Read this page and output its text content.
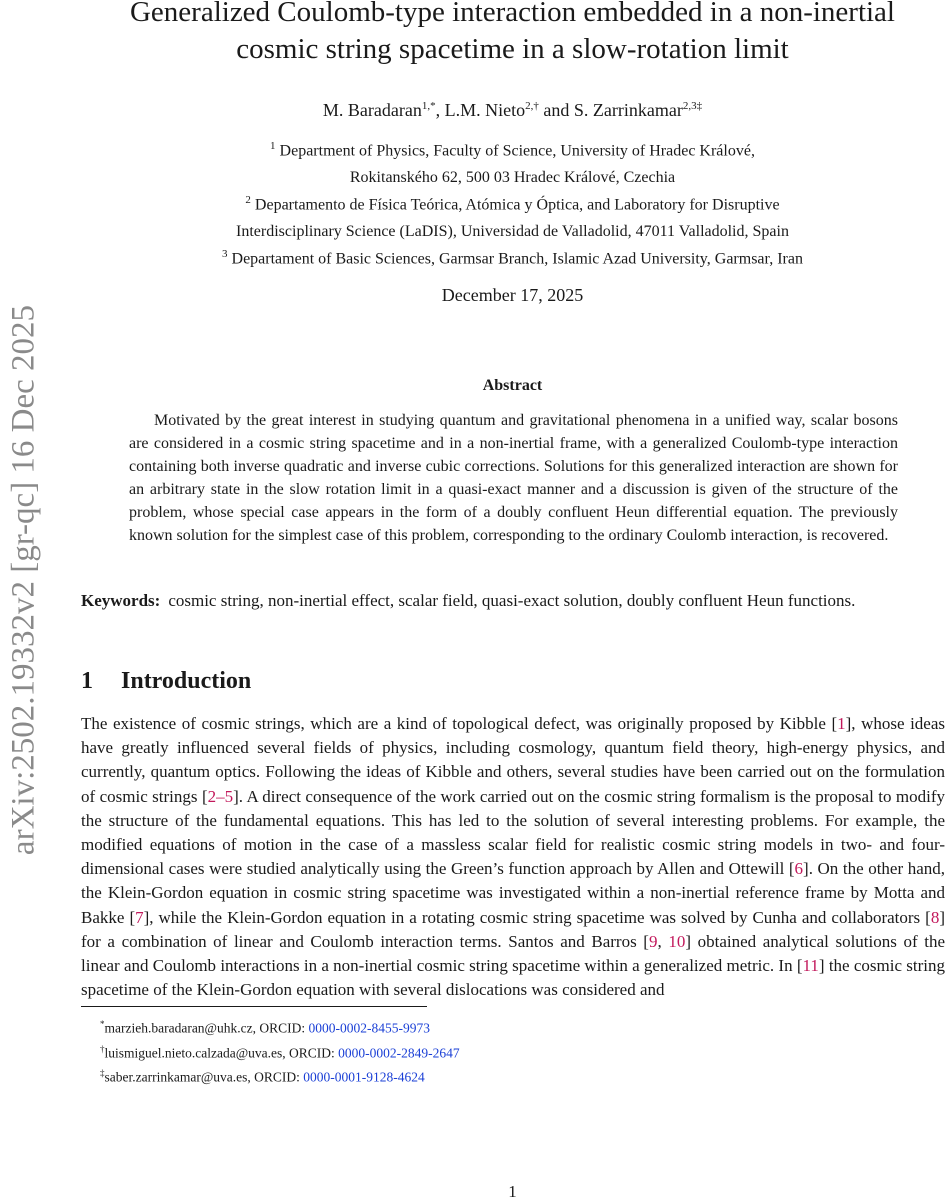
arXiv:2502.19332v2 [gr-qc] 16 Dec 2025
Generalized Coulomb-type interaction embedded in a non-inertial
cosmic string spacetime in a slow-rotation limit
M. Baradaran$^{1,*}$, L.M. Nieto$^{2,\dagger}$ and S. Zarrinkamar$^{2,3\ddagger}$
$^1$ Department of Physics, Faculty of Science, University of Hradec Králové,
Rokitanského 62, 500 03 Hradec Králové, Czechia
$^2$ Departamento de Física Teórica, Atómica y Óptica, and Laboratory for Disruptive
Interdisciplinary Science (LaDIS), Universidad de Valladolid, 47011 Valladolid, Spain
$^3$ Departament of Basic Sciences, Garmsar Branch, Islamic Azad University, Garmsar, Iran
December 17, 2025
Abstract
Motivated by the great interest in studying quantum and gravitational phenomena in a unified way, scalar bosons are considered in a cosmic string spacetime and in a non-inertial frame, with a generalized Coulomb-type interaction containing both inverse quadratic and inverse cubic corrections. Solutions for this generalized interaction are shown for an arbitrary state in the slow rotation limit in a quasi-exact manner and a discussion is given of the structure of the problem, whose special case appears in the form of a doubly confluent Heun differential equation. The previously known solution for the simplest case of this problem, corresponding to the ordinary Coulomb interaction, is recovered.
Keywords: cosmic string, non-inertial effect, scalar field, quasi-exact solution, doubly confluent Heun functions.
1 Introduction
The existence of cosmic strings, which are a kind of topological defect, was originally proposed by Kibble [1], whose ideas have greatly influenced several fields of physics, including cosmology, quantum field theory, high-energy physics, and currently, quantum optics. Following the ideas of Kibble and others, several studies have been carried out on the formulation of cosmic strings [2–5]. A direct consequence of the work carried out on the cosmic string formalism is the proposal to modify the structure of the fundamental equations. This has led to the solution of several interesting problems. For example, the modified equations of motion in the case of a massless scalar field for realistic cosmic string models in two- and four-dimensional cases were studied analytically using the Green’s function approach by Allen and Ottewill [6]. On the other hand, the Klein-Gordon equation in cosmic string spacetime was investigated within a non-inertial reference frame by Motta and Bakke [7], while the Klein-Gordon equation in a rotating cosmic string spacetime was solved by Cunha and collaborators [8] for a combination of linear and Coulomb interaction terms. Santos and Barros [9, 10] obtained analytical solutions of the linear and Coulomb interactions in a non-inertial cosmic string spacetime within a generalized metric. In [11] the cosmic string spacetime of the Klein-Gordon equation with several dislocations was considered and
*marzieh.baradaran@uhk.cz, ORCID: 0000-0002-8455-9973
†luismiguel.nieto.calzada@uva.es, ORCID: 0000-0002-2849-2647
‡saber.zarrinkamar@uva.es, ORCID: 0000-0001-9128-4624
1
